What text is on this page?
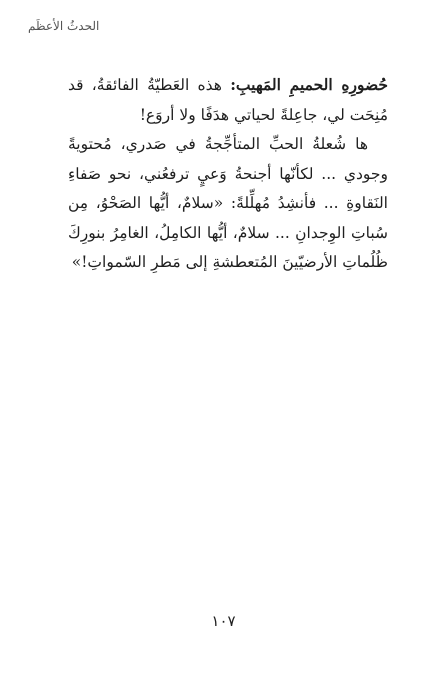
الحدثُ الأعظَم

حُضورِهِ الحميمِ المَهيبِ: هذه العَطيّةُ الفائقةُ، قد مُنِحَت لي، جاعِلةً لحياتي هدَفًا ولا أروَع!

ها شُعلةُ الحبِّ المتأجِّجةُ في صَدري، مُحتويةً وجودي ... لكأنّها أجنحةُ وَعيٍ ترفعُني، نحو صَفاءِ النَقاوةِ ... فأنشِدُ مُهلِّلةً: «سلامٌ، أيُّها الصَحْوُ، مِن سُباتِ الوِجدانِ ... سلامٌ، أيُّها الكامِلُ، الغامِرُ بنورِكَ ظُلُماتِ الأرضيّينَ المُتعطشةِ إلى مَطرِ السّمواتِ!»

١٠٧
